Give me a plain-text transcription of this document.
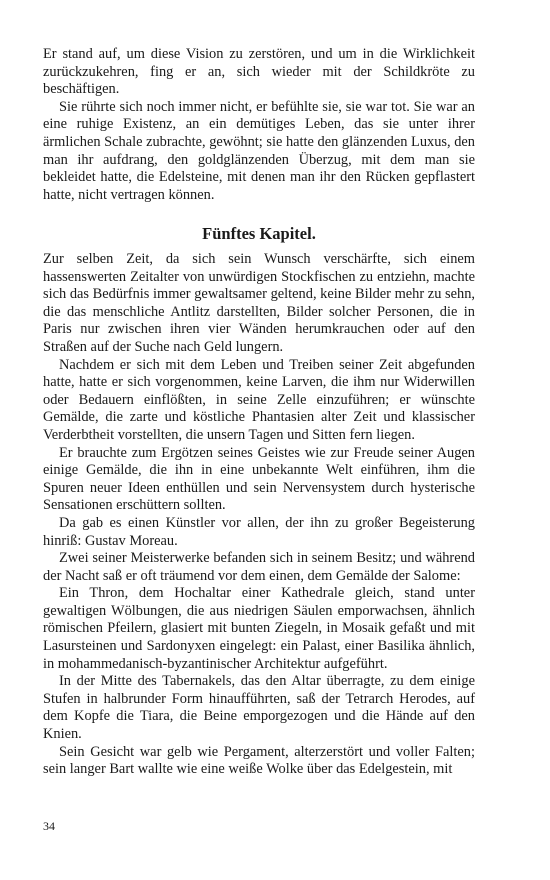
Er stand auf, um diese Vision zu zerstören, und um in die Wirklichkeit zurückzukehren, fing er an, sich wieder mit der Schildkröte zu beschäftigen.

Sie rührte sich noch immer nicht, er befühlte sie, sie war tot. Sie war an eine ruhige Existenz, an ein demütiges Leben, das sie unter ihrer ärmlichen Schale zubrachte, gewöhnt; sie hatte den glänzenden Luxus, den man ihr aufdrang, den goldglänzenden Überzug, mit dem man sie bekleidet hatte, die Edelsteine, mit denen man ihr den Rücken gepflastert hatte, nicht vertragen können.

Fünftes Kapitel.

Zur selben Zeit, da sich sein Wunsch verschärfte, sich einem hassenswerten Zeitalter von unwürdigen Stockfischen zu entziehn, machte sich das Bedürfnis immer gewaltsamer geltend, keine Bilder mehr zu sehn, die das menschliche Antlitz darstellten, Bilder solcher Personen, die in Paris nur zwischen ihren vier Wänden herumkrauchen oder auf den Straßen auf der Suche nach Geld lungern.

Nachdem er sich mit dem Leben und Treiben seiner Zeit abgefunden hatte, hatte er sich vorgenommen, keine Larven, die ihm nur Widerwillen oder Bedauern einflößten, in seine Zelle einzuführen; er wünschte Gemälde, die zarte und köstliche Phantasien alter Zeit und klassischer Verderbtheit vorstellten, die unsern Tagen und Sitten fern liegen.

Er brauchte zum Ergötzen seines Geistes wie zur Freude seiner Augen einige Gemälde, die ihn in eine unbekannte Welt einführen, ihm die Spuren neuer Ideen enthüllen und sein Nervensystem durch hysterische Sensationen erschüttern sollten.

Da gab es einen Künstler vor allen, der ihn zu großer Begeisterung hinriß: Gustav Moreau.

Zwei seiner Meisterwerke befanden sich in seinem Besitz; und während der Nacht saß er oft träumend vor dem einen, dem Gemälde der Salome:

Ein Thron, dem Hochaltar einer Kathedrale gleich, stand unter gewaltigen Wölbungen, die aus niedrigen Säulen emporwachsen, ähnlich römischen Pfeilern, glasiert mit bunten Ziegeln, in Mosaik gefaßt und mit Lasursteinen und Sardonyxen eingelegt: ein Palast, einer Basilika ähnlich, in mohammedanisch-byzantinischer Architektur aufgeführt.

In der Mitte des Tabernakels, das den Altar überragte, zu dem einige Stufen in halbrunder Form hinaufführten, saß der Tetrarch Herodes, auf dem Kopfe die Tiara, die Beine emporgezogen und die Hände auf den Knien.

Sein Gesicht war gelb wie Pergament, alterzerstört und voller Falten; sein langer Bart wallte wie eine weiße Wolke über das Edelgestein, mit

34
